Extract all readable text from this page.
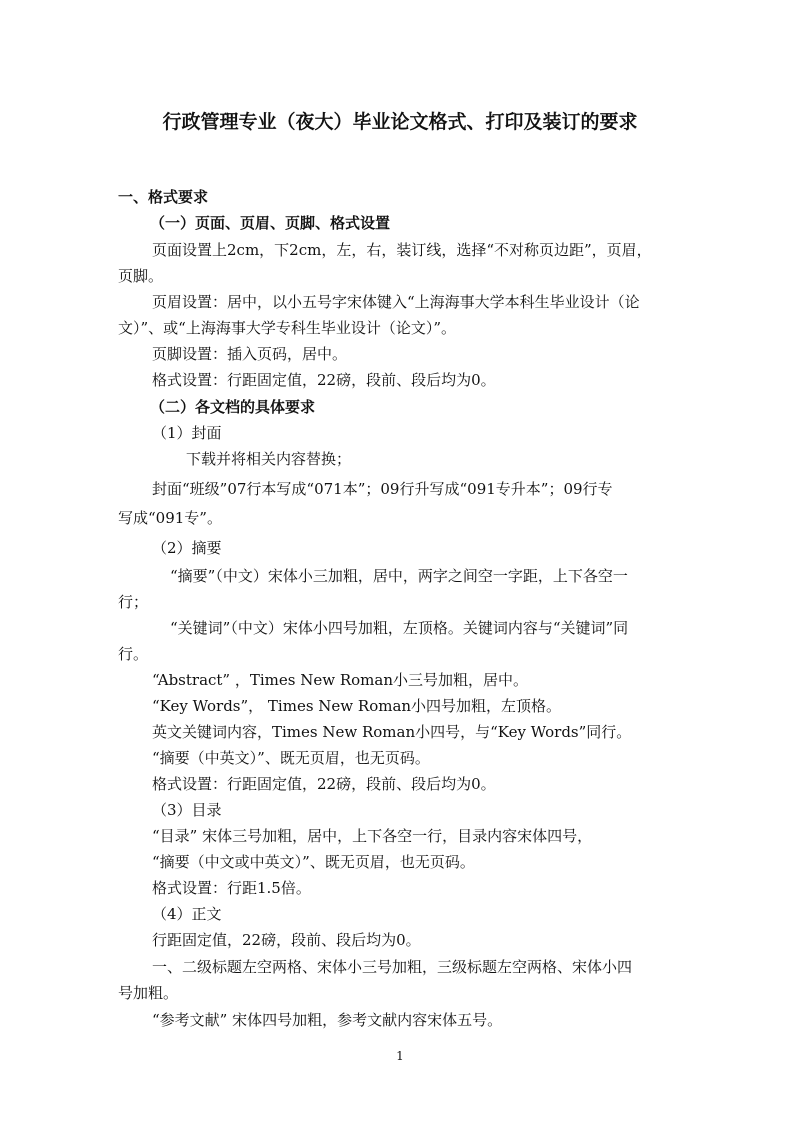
行政管理专业（夜大）毕业论文格式、打印及装订的要求
一、格式要求
（一）页面、页眉、页脚、格式设置
页面设置上2cm，下2cm，左，右，装订线，选择“不对称页边距”，页眉，
页脚。
页眉设置：居中，以小五号字宋体键入“上海海事大学本科生毕业设计（论
文）”、或“上海海事大学专科生毕业设计（论文）”。
页脚设置：插入页码，居中。
格式设置：行距固定值，22磅，段前、段后均为0。
（二）各文档的具体要求
（1）封面
下载并将相关内容替换；
封面“班级”07行本写成“071本”；09行升写成“091专升本”；09行专
写成“091专”。
（2）摘要
“摘要”（中文）宋体小三加粗，居中，两字之间空一字距，上下各空一
行；
“关键词”（中文）宋体小四号加粗，左顶格。关键词内容与“关键词”同
行。
“Abstract” ，Times New Roman小三号加粗，居中。
“Key Words”， Times New Roman小四号加粗，左顶格。
英文关键词内容，Times New Roman小四号，与“Key Words”同行。
“摘要（中英文）”、既无页眉，也无页码。
格式设置：行距固定值，22磅，段前、段后均为0。
（3）目录
“目录” 宋体三号加粗，居中，上下各空一行，目录内容宋体四号，
“摘要（中文或中英文）”、既无页眉，也无页码。
格式设置：行距1.5倍。
（4）正文
行距固定值，22磅，段前、段后均为0。
一、二级标题左空两格、宋体小三号加粗，三级标题左空两格、宋体小四
号加粗。
“参考文献” 宋体四号加粗，参考文献内容宋体五号。
1
